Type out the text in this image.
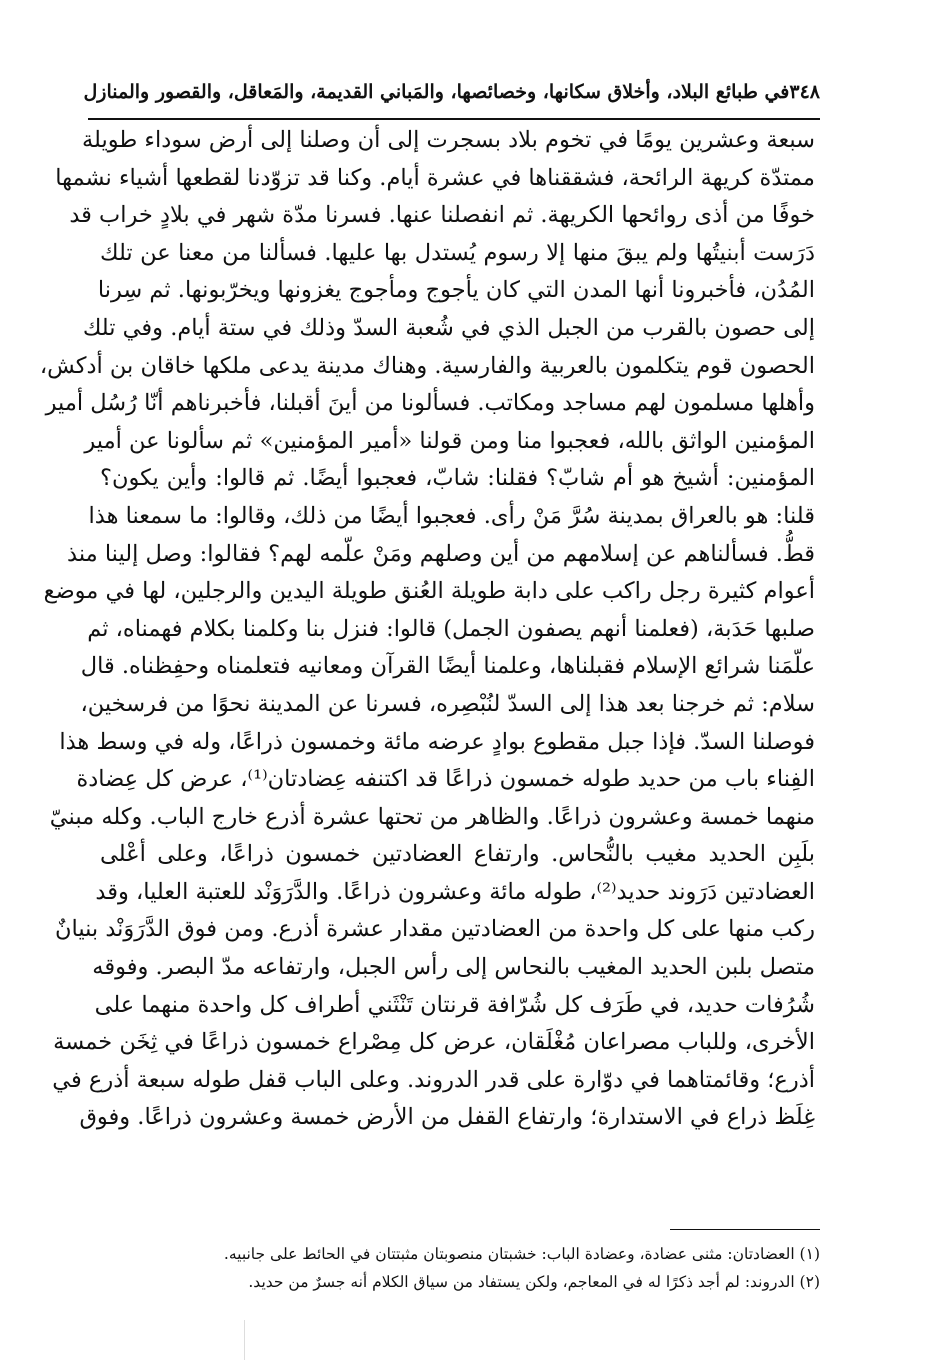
٣٤٨
في طبائع البلاد، وأخلاق سكانها، وخصائصها، والمَباني القديمة، والمَعاقل، والقصور والمنازل
سبعة وعشرين يومًا في تخوم بلاد بسجرت إلى أن وصلنا إلى أرض سوداء طويلة
ممتدّة كريهة الرائحة، فشققناها في عشرة أيام. وكنا قد تزوّدنا لقطعها أشياء نشمها
خوفًا من أذى روائحها الكريهة. ثم انفصلنا عنها. فسرنا مدّة شهر في بلادٍ خراب قد
دَرَست أبنيتُها ولم يبقَ منها إلا رسوم يُستدل بها عليها. فسألنا من معنا عن تلك
المُدُن، فأخبرونا أنها المدن التي كان يأجوج ومأجوج يغزونها ويخرّبونها. ثم سِرنا
إلى حصون بالقرب من الجبل الذي في شُعبة السدّ وذلك في ستة أيام. وفي تلك
الحصون قوم يتكلمون بالعربية والفارسية. وهناك مدينة يدعى ملكها خاقان بن أدكش،
وأهلها مسلمون لهم مساجد ومكاتب. فسألونا من أينَ أقبلنا، فأخبرناهم أنّا رُسُل أمير
المؤمنين الواثق بالله، فعجبوا منا ومن قولنا «أمير المؤمنين» ثم سألونا عن أمير
المؤمنين: أشيخ هو أم شابّ؟ فقلنا: شابّ، فعجبوا أيضًا. ثم قالوا: وأين يكون؟
قلنا: هو بالعراق بمدينة سُرَّ مَنْ رأى. فعجبوا أيضًا من ذلك، وقالوا: ما سمعنا هذا
قطُّ. فسألناهم عن إسلامهم من أين وصلهم ومَنْ علّمه لهم؟ فقالوا: وصل إلينا منذ
أعوام كثيرة رجل راكب على دابة طويلة العُنق طويلة اليدين والرجلين، لها في موضع
صلبها حَدَبة، (فعلمنا أنهم يصفون الجمل) قالوا: فنزل بنا وكلمنا بكلام فهمناه، ثم
علّمَنا شرائع الإسلام فقبلناها، وعلمنا أيضًا القرآن ومعانيه فتعلمناه وحفِظناه. قال
سلام: ثم خرجنا بعد هذا إلى السدّ لنُبْصِره، فسرنا عن المدينة نحوًا من فرسخين،
فوصلنا السدّ. فإذا جبل مقطوع بوادٍ عرضه مائة وخمسون ذراعًا، وله في وسط هذا
الفِناء باب من حديد طوله خمسون ذراعًا قد اكتنفه عِضادتان⁽¹⁾، عرض كل عِضادة
منهما خمسة وعشرون ذراعًا. والظاهر من تحتها عشرة أذرع خارج الباب. وكله مبنيّ
بلَبِن الحديد مغيب بالنُّحاس. وارتفاع العضادتين خمسون ذراعًا، وعلى أعْلى
العضادتين دَرَوند حديد⁽²⁾، طوله مائة وعشرون ذراعًا. والدَّرَوَنْد للعتبة العليا، وقد
ركب منها على كل واحدة من العضادتين مقدار عشرة أذرع. ومن فوق الدَّرَوَنْد بنيانٌ
متصل بلبن الحديد المغيب بالنحاس إلى رأس الجبل، وارتفاعه مدّ البصر. وفوقه
شُرُفات حديد، في طَرَف كل شُرّافة قرنتان تَنْثَني أطراف كل واحدة منهما على
الأخرى، وللباب مصراعان مُغْلَقان، عرض كل مِصْراع خمسون ذراعًا في ثِخَن خمسة
أذرع؛ وقائمتاهما في دوّارة على قدر الدروند. وعلى الباب قفل طوله سبعة أذرع في
غِلَظ ذراع في الاستدارة؛ وارتفاع القفل من الأرض خمسة وعشرون ذراعًا. وفوق
(١) العضادتان: مثنى عضادة، وعضادة الباب: خشبتان منصوبتان مثبتتان في الحائط على جانبيه.
(٢) الدروند: لم أجد ذكرًا له في المعاجم، ولكن يستفاد من سياق الكلام أنه جسرٌ من حديد.
